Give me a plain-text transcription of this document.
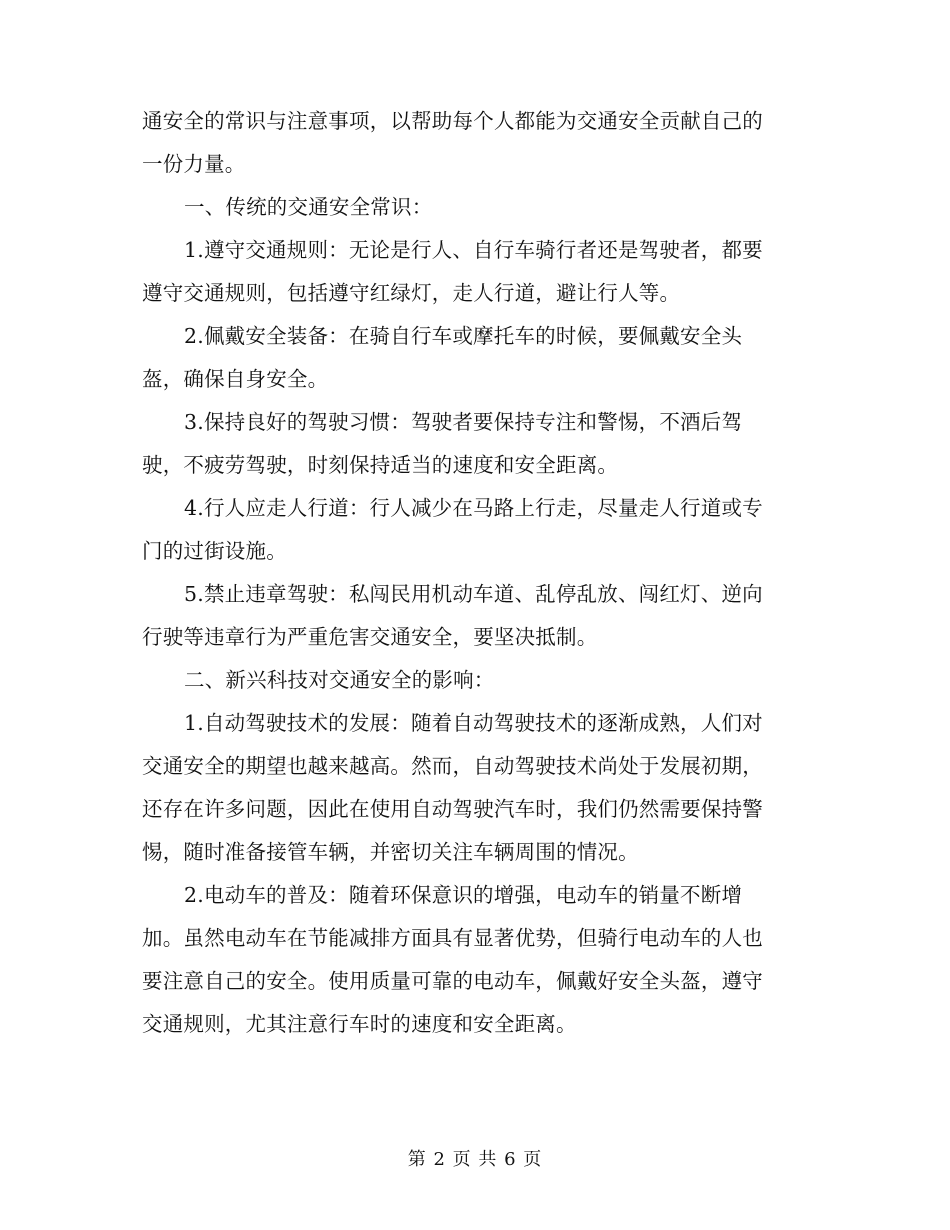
通安全的常识与注意事项，以帮助每个人都能为交通安全贡献自己的
一份力量。
一、传统的交通安全常识：
1.遵守交通规则：无论是行人、自行车骑行者还是驾驶者，都要
遵守交通规则，包括遵守红绿灯，走人行道，避让行人等。
2.佩戴安全装备：在骑自行车或摩托车的时候，要佩戴安全头
盔，确保自身安全。
3.保持良好的驾驶习惯：驾驶者要保持专注和警惕，不酒后驾
驶，不疲劳驾驶，时刻保持适当的速度和安全距离。
4.行人应走人行道：行人减少在马路上行走，尽量走人行道或专
门的过街设施。
5.禁止违章驾驶：私闯民用机动车道、乱停乱放、闯红灯、逆向
行驶等违章行为严重危害交通安全，要坚决抵制。
二、新兴科技对交通安全的影响：
1.自动驾驶技术的发展：随着自动驾驶技术的逐渐成熟，人们对
交通安全的期望也越来越高。然而，自动驾驶技术尚处于发展初期，
还存在许多问题，因此在使用自动驾驶汽车时，我们仍然需要保持警
惕，随时准备接管车辆，并密切关注车辆周围的情况。
2.电动车的普及：随着环保意识的增强，电动车的销量不断增
加。虽然电动车在节能减排方面具有显著优势，但骑行电动车的人也
要注意自己的安全。使用质量可靠的电动车，佩戴好安全头盔，遵守
交通规则，尤其注意行车时的速度和安全距离。
第 2 页 共 6 页
